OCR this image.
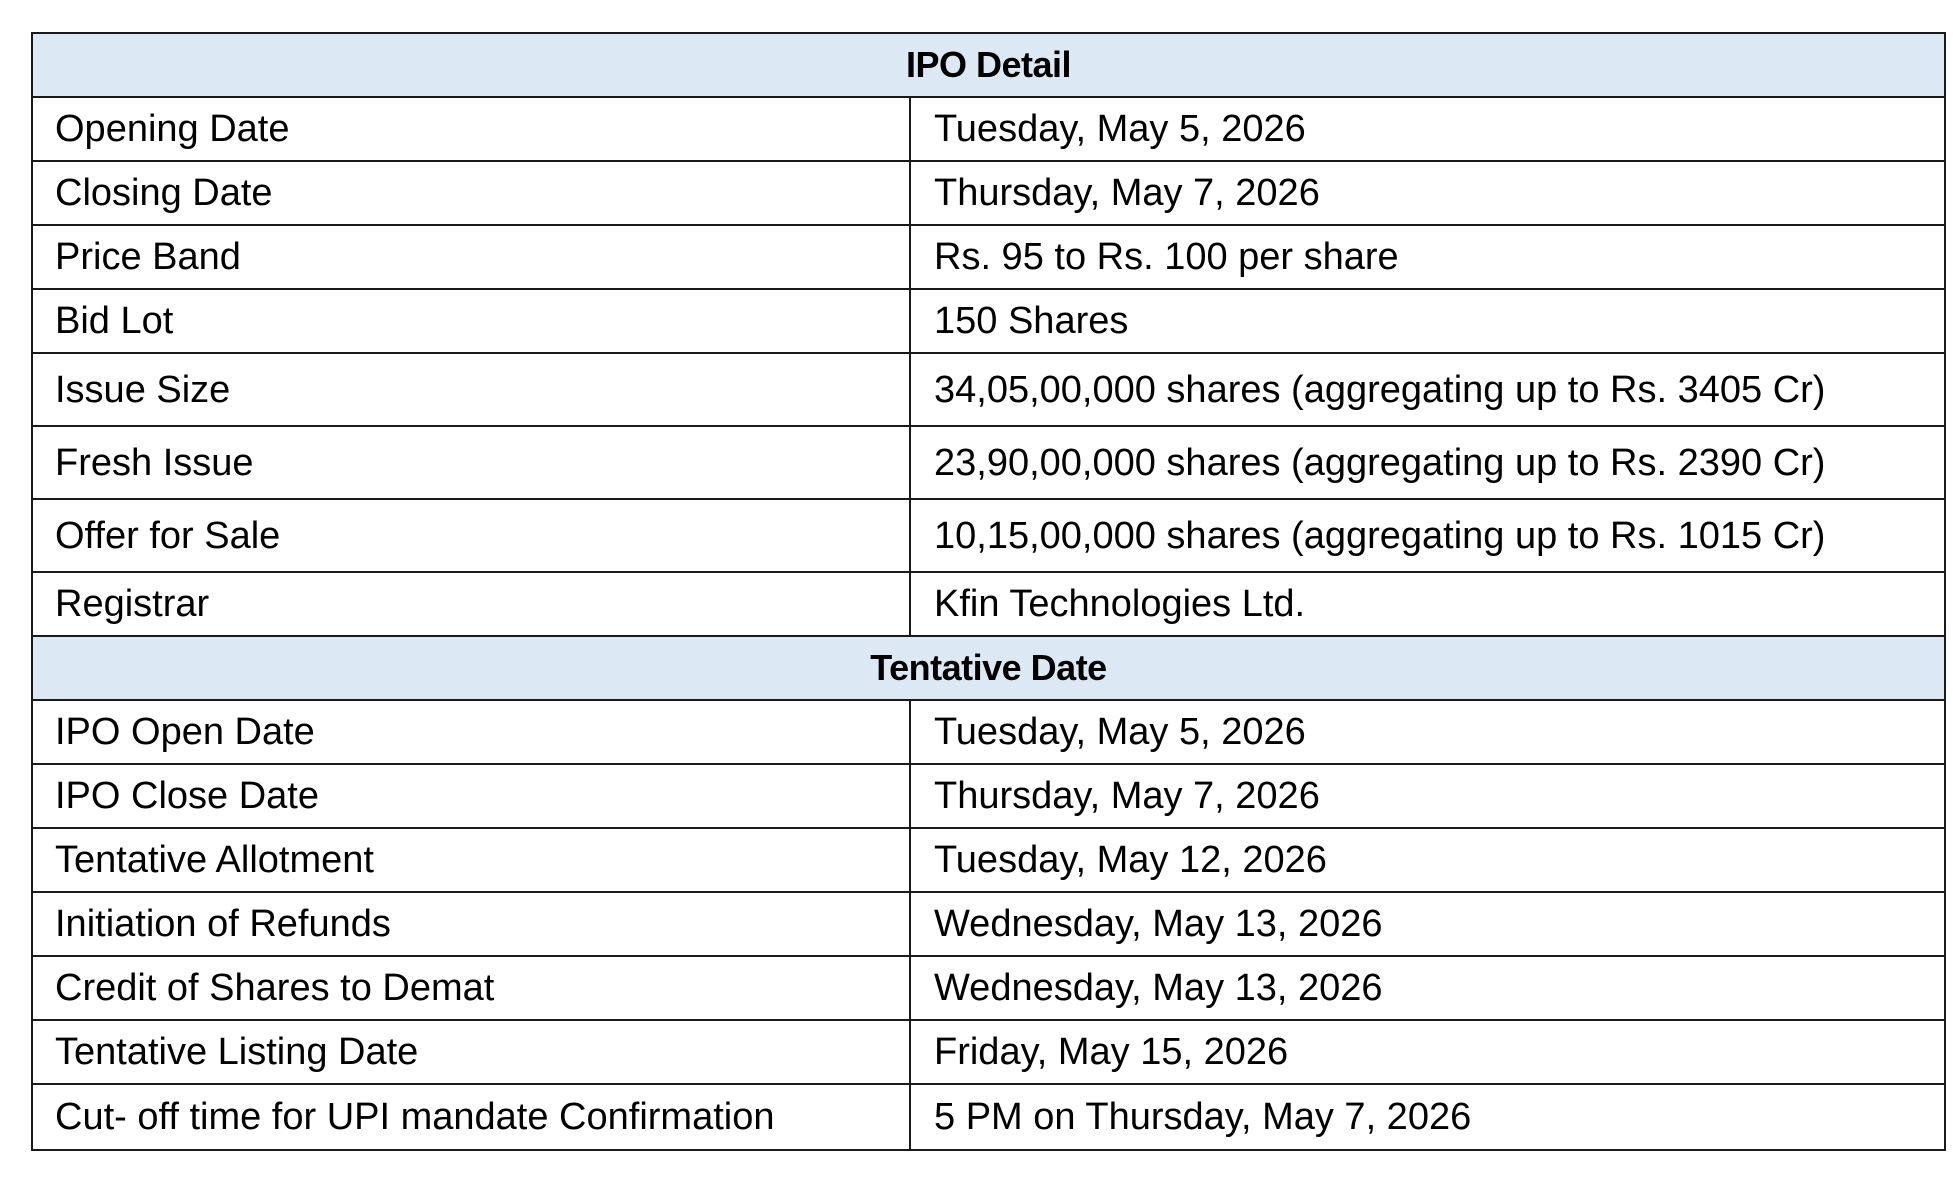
IPO Detail	
Opening Date	Tuesday, May 5, 2026
Closing Date	Thursday, May 7, 2026
Price Band	Rs. 95 to Rs. 100 per share
Bid Lot	150 Shares
Issue Size	34,05,00,000 shares (aggregating up to Rs. 3405 Cr)
Fresh Issue	23,90,00,000 shares (aggregating up to Rs. 2390 Cr)
Offer for Sale	10,15,00,000 shares (aggregating up to Rs. 1015 Cr)
Registrar	Kfin Technologies Ltd.
Tentative Date	
IPO Open Date	Tuesday, May 5, 2026
IPO Close Date	Thursday, May 7, 2026
Tentative Allotment	Tuesday, May 12, 2026
Initiation of Refunds	Wednesday, May 13, 2026
Credit of Shares to Demat	Wednesday, May 13, 2026
Tentative Listing Date	Friday, May 15, 2026
Cut- off time for UPI mandate Confirmation	5 PM on Thursday, May 7, 2026
